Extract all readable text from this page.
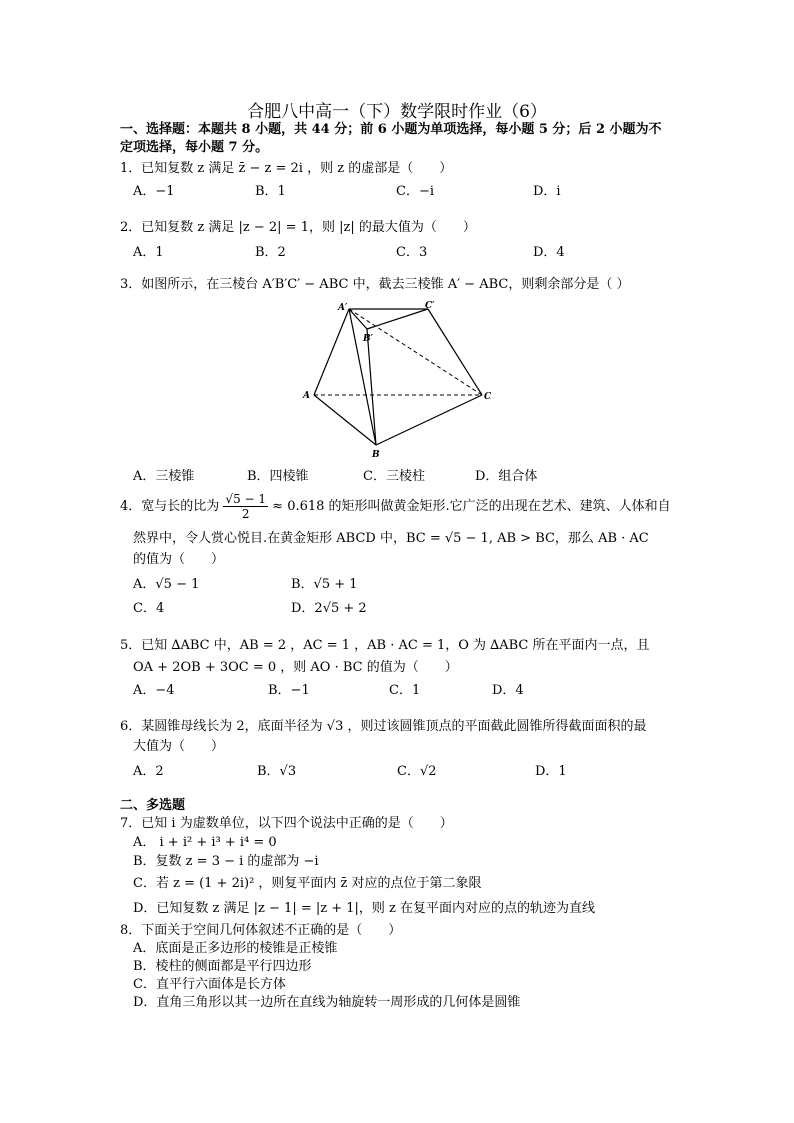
合肥八中高一（下）数学限时作业（6）
一、选择题：本题共 8 小题，共 44 分；前 6 小题为单项选择，每小题 5 分；后 2 小题为不
定项选择，每小题 7 分。
1．已知复数 z 满足 z̄ − z = 2i ，则 z 的虚部是（　　）
A．−1	B．1	C．−i	D．i
2．已知复数 z 满足 |z − 2| = 1，则 |z| 的最大值为（　　）
A．1	B．2	C．3	D．4
3．如图所示，在三棱台 A′B′C′ − ABC 中，截去三棱锥 A′ − ABC，则剩余部分是（ ）
A′	C′
B′
A	C
B
A．三棱锥	B．四棱锥	C．三棱柱	D．组合体
4．宽与长的比为 $\frac{√5 - 1}{2} \approx 0.618$ 的矩形叫做黄金矩形.它广泛的出现在艺术、建筑、人体和自
然界中，令人赏心悦目.在黄金矩形 ABCD 中，BC = √5 − 1, AB > BC，那么 AB · AC
的值为（　　）
A．√5 − 1	B．√5 + 1
C．4	D．2√5 + 2
5．已知 ∆ABC 中，AB = 2 ，AC = 1 ，AB · AC = 1，O 为 ∆ABC 所在平面内一点，且
OA + 2OB + 3OC = 0 ，则 AO · BC 的值为（　　）
A．−4	B．−1	C．1	D．4
6．某圆锥母线长为 2，底面半径为 √3 ，则过该圆锥顶点的平面截此圆锥所得截面面积的最
大值为（　　）
A．2	B．√3	C．√2	D．1
二、多选题
7．已知 i 为虚数单位，以下四个说法中正确的是（　　）
A． i + i² + i³ + i⁴ = 0
B．复数 z = 3 − i 的虚部为 −i
C．若 z = (1 + 2i)² ，则复平面内 z̄ 对应的点位于第二象限
D．已知复数 z 满足 |z − 1| = |z + 1|，则 z 在复平面内对应的点的轨迹为直线
8．下面关于空间几何体叙述不正确的是（　　）
A．底面是正多边形的棱锥是正棱锥
B．棱柱的侧面都是平行四边形
C．直平行六面体是长方体
D．直角三角形以其一边所在直线为轴旋转一周形成的几何体是圆锥
